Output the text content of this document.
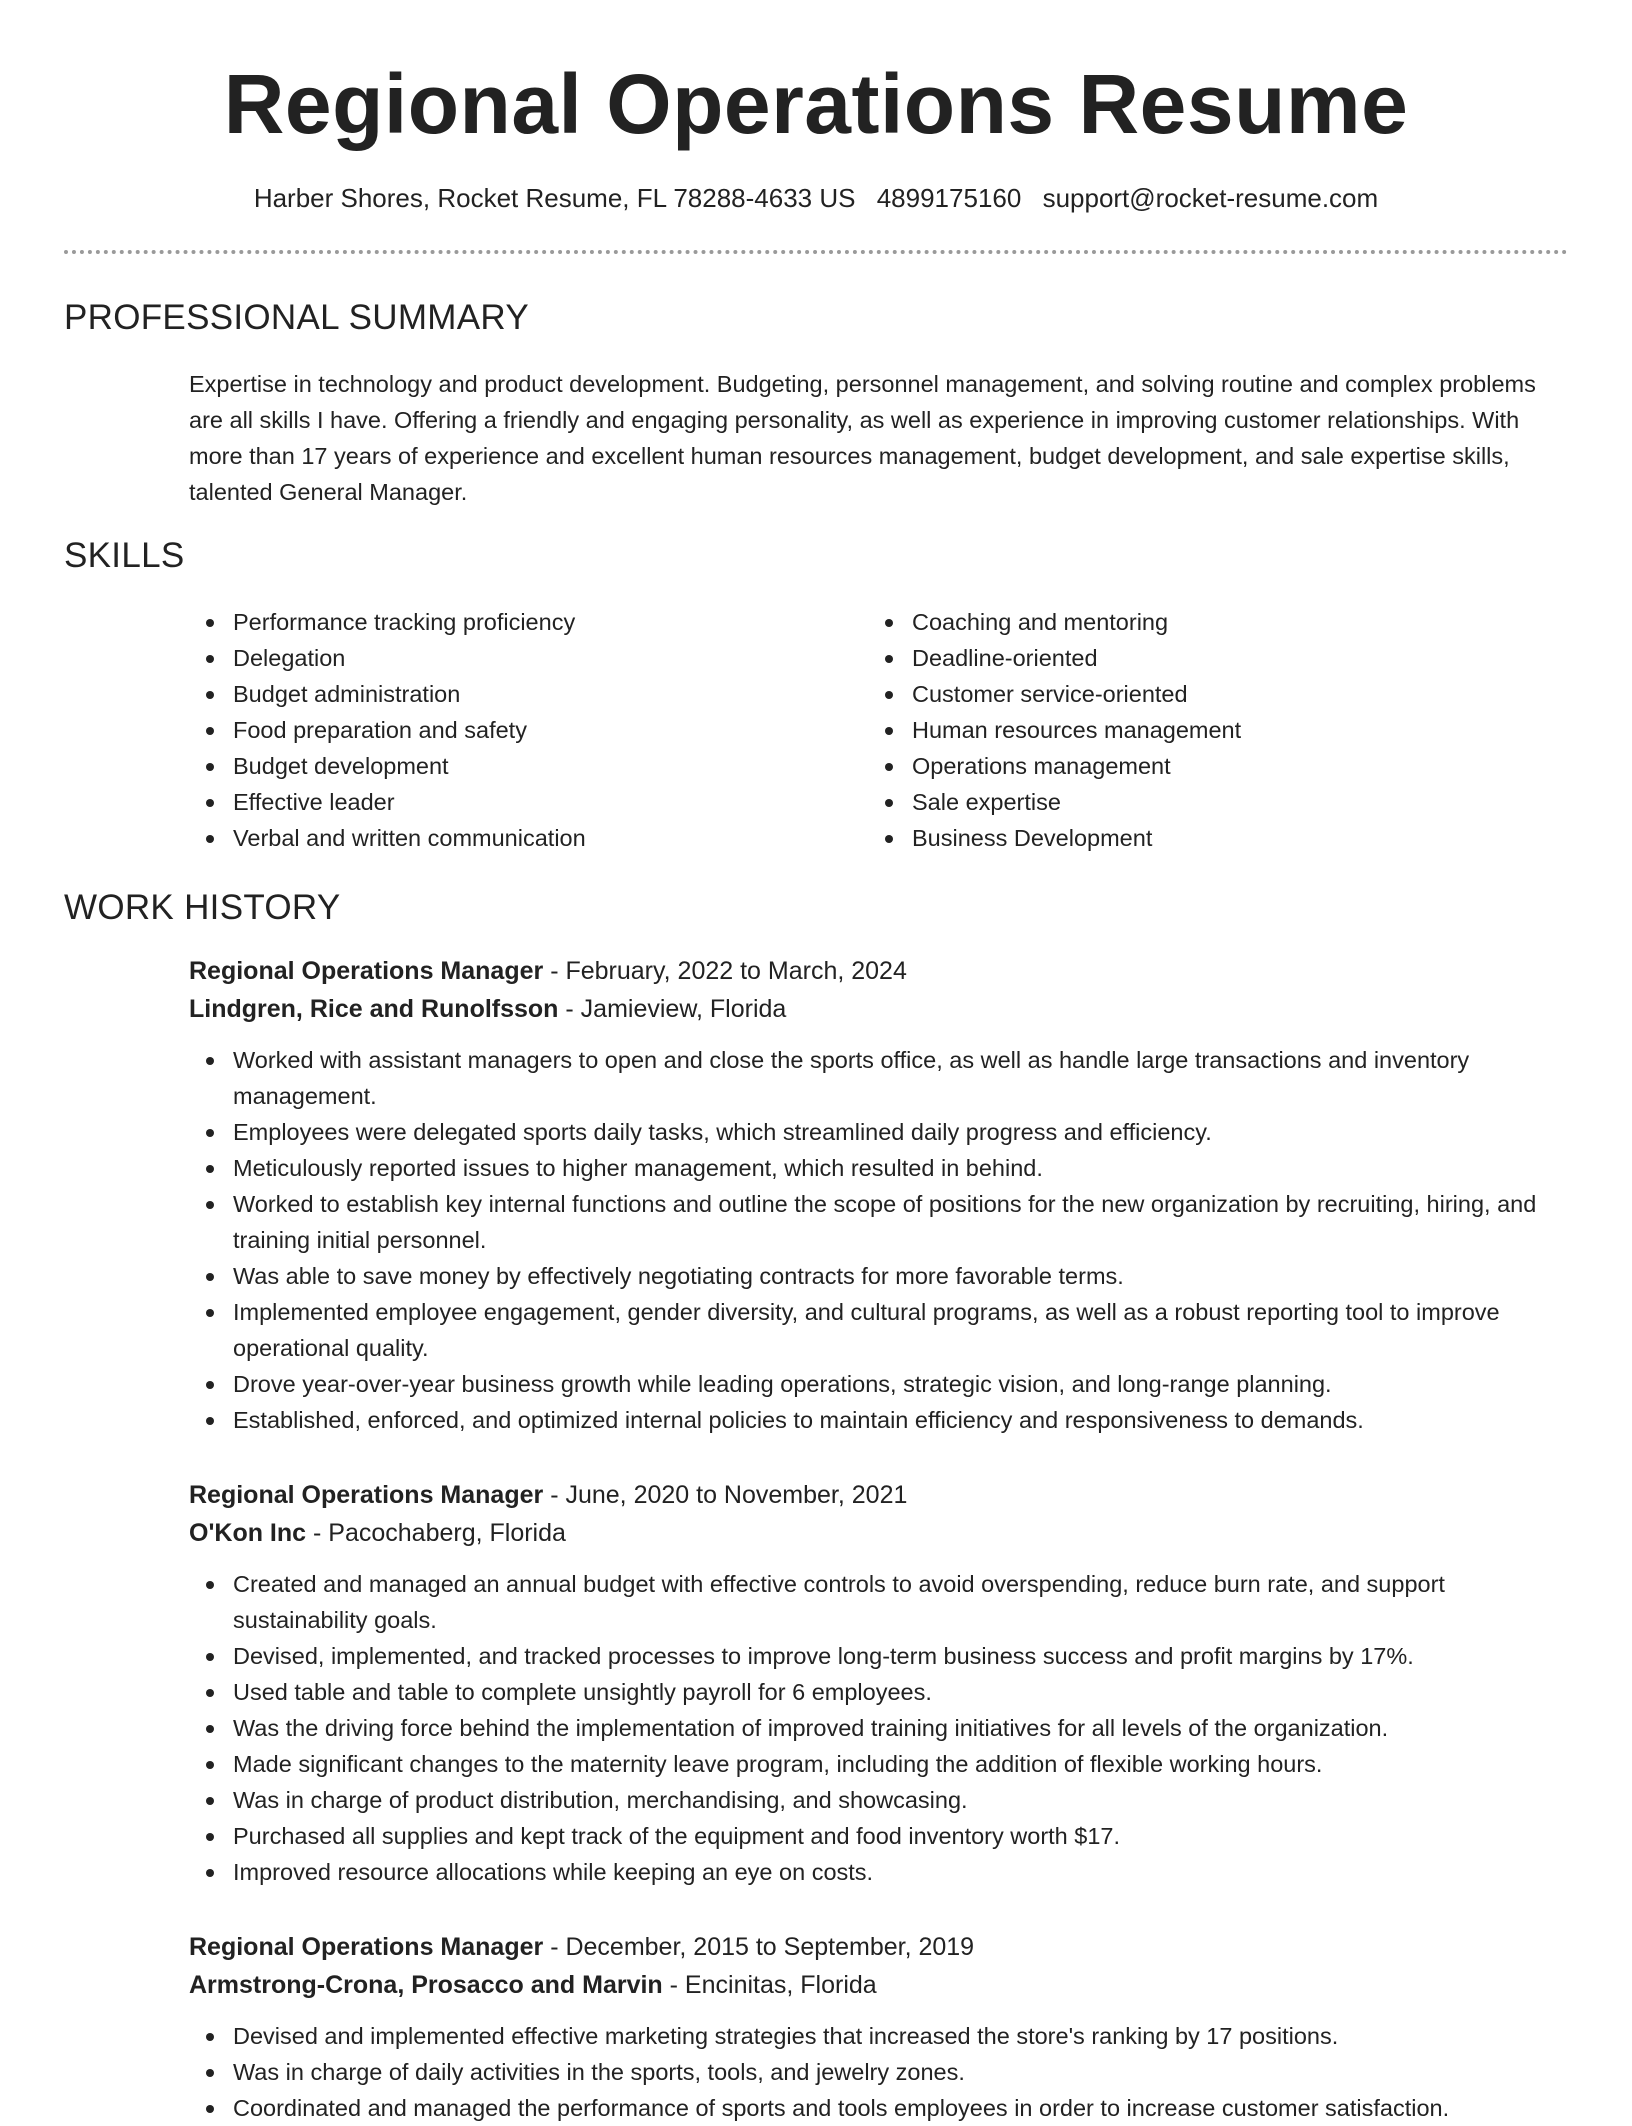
Regional Operations Resume
Harber Shores, Rocket Resume, FL 78288-4633 US 4899175160 support@rocket-resume.com
PROFESSIONAL SUMMARY

Expertise in technology and product development. Budgeting, personnel management, and solving routine and complex problems are all skills I have. Offering a friendly and engaging personality, as well as experience in improving customer relationships. With more than 17 years of experience and excellent human resources management, budget development, and sale expertise skills, talented General Manager.

SKILLS
Performance tracking proficiency
Delegation
Budget administration
Food preparation and safety
Budget development
Effective leader
Verbal and written communication
Coaching and mentoring
Deadline-oriented
Customer service-oriented
Human resources management
Operations management
Sale expertise
Business Development
WORK HISTORY
Regional Operations Manager - February, 2022 to March, 2024
Lindgren, Rice and Runolfsson - Jamieview, Florida
Worked with assistant managers to open and close the sports office, as well as handle large transactions and inventory management.
Employees were delegated sports daily tasks, which streamlined daily progress and efficiency.
Meticulously reported issues to higher management, which resulted in behind.
Worked to establish key internal functions and outline the scope of positions for the new organization by recruiting, hiring, and training initial personnel.
Was able to save money by effectively negotiating contracts for more favorable terms.
Implemented employee engagement, gender diversity, and cultural programs, as well as a robust reporting tool to improve operational quality.
Drove year-over-year business growth while leading operations, strategic vision, and long-range planning.
Established, enforced, and optimized internal policies to maintain efficiency and responsiveness to demands.
Regional Operations Manager - June, 2020 to November, 2021
O'Kon Inc - Pacochaberg, Florida
Created and managed an annual budget with effective controls to avoid overspending, reduce burn rate, and support sustainability goals.
Devised, implemented, and tracked processes to improve long-term business success and profit margins by 17%.
Used table and table to complete unsightly payroll for 6 employees.
Was the driving force behind the implementation of improved training initiatives for all levels of the organization.
Made significant changes to the maternity leave program, including the addition of flexible working hours.
Was in charge of product distribution, merchandising, and showcasing.
Purchased all supplies and kept track of the equipment and food inventory worth $17.
Improved resource allocations while keeping an eye on costs.
Regional Operations Manager - December, 2015 to September, 2019
Armstrong-Crona, Prosacco and Marvin - Encinitas, Florida
Devised and implemented effective marketing strategies that increased the store's ranking by 17 positions.
Was in charge of daily activities in the sports, tools, and jewelry zones.
Coordinated and managed the performance of sports and tools employees in order to increase customer satisfaction.
